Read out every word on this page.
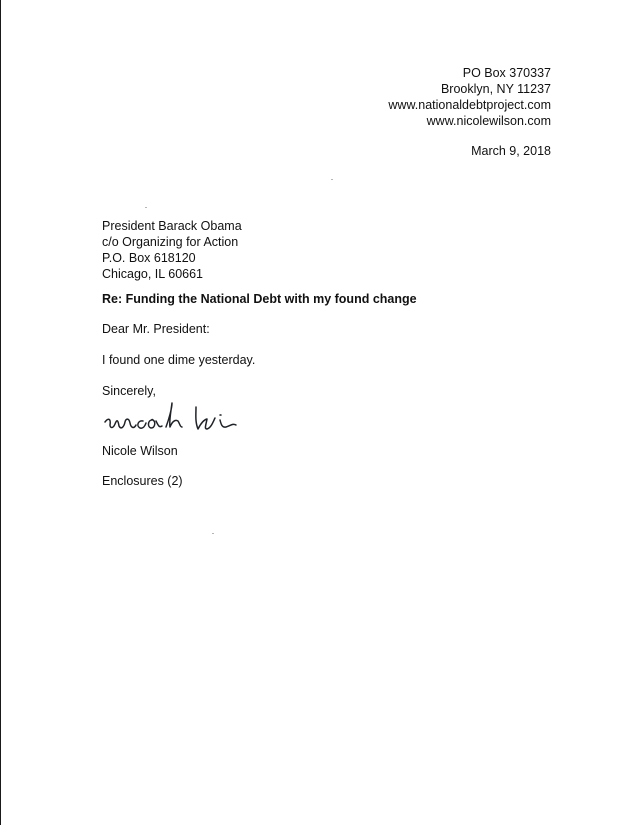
PO Box 370337
Brooklyn, NY 11237
www.nationaldebtproject.com
www.nicolewilson.com
March 9, 2018
President Barack Obama
c/o Organizing for Action
P.O. Box 618120
Chicago, IL 60661
Re: Funding the National Debt with my found change
Dear Mr. President:
I found one dime yesterday.
Sincerely,
Nicole Wilson
Enclosures (2)
